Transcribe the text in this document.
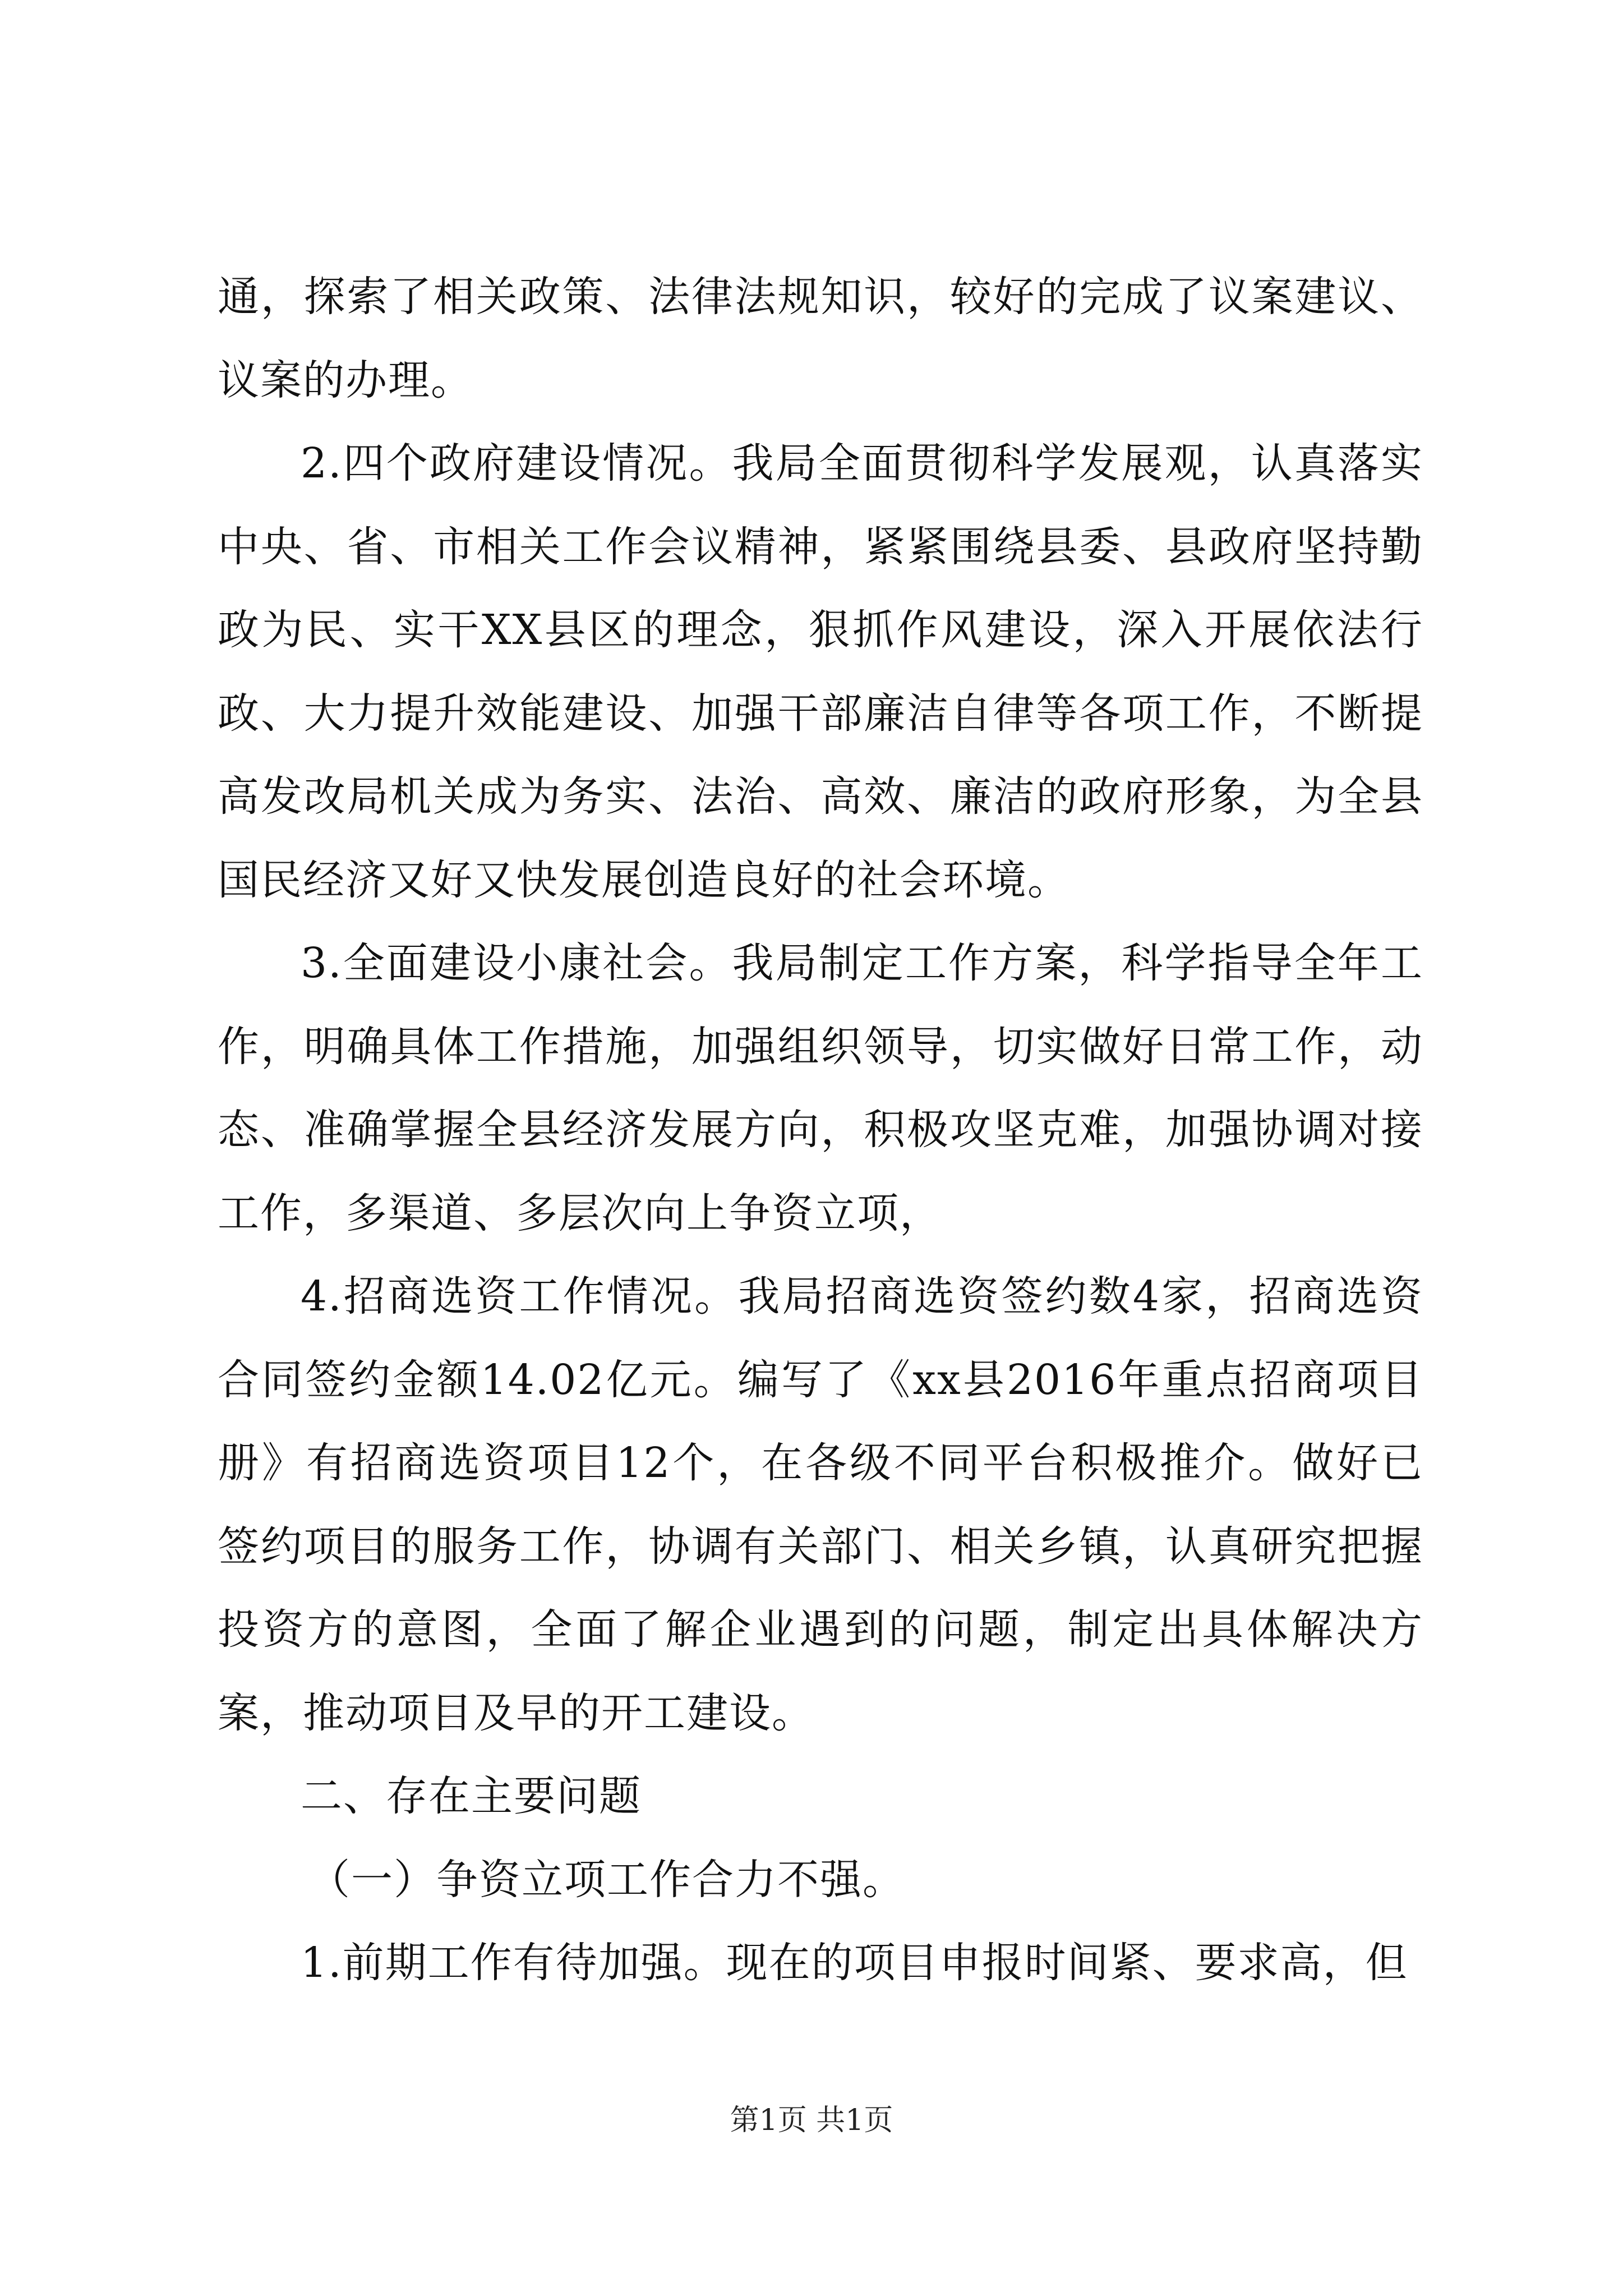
通，探索了相关政策、法律法规知识，较好的完成了议案建议、议案的办理。

2.四个政府建设情况。我局全面贯彻科学发展观，认真落实中央、省、市相关工作会议精神，紧紧围绕县委、县政府坚持勤政为民、实干XX县区的理念，狠抓作风建设，深入开展依法行政、大力提升效能建设、加强干部廉洁自律等各项工作，不断提高发改局机关成为务实、法治、高效、廉洁的政府形象，为全县国民经济又好又快发展创造良好的社会环境。

3.全面建设小康社会。我局制定工作方案，科学指导全年工作，明确具体工作措施，加强组织领导，切实做好日常工作，动态、准确掌握全县经济发展方向，积极攻坚克难，加强协调对接工作，多渠道、多层次向上争资立项，

4.招商选资工作情况。我局招商选资签约数4家，招商选资合同签约金额14.02亿元。编写了《xx县2016年重点招商项目册》有招商选资项目12个，在各级不同平台积极推介。做好已签约项目的服务工作，协调有关部门、相关乡镇，认真研究把握投资方的意图，全面了解企业遇到的问题，制定出具体解决方案，推动项目及早的开工建设。

二、存在主要问题

（一）争资立项工作合力不强。

1.前期工作有待加强。现在的项目申报时间紧、要求高，但

第1页 共1页
